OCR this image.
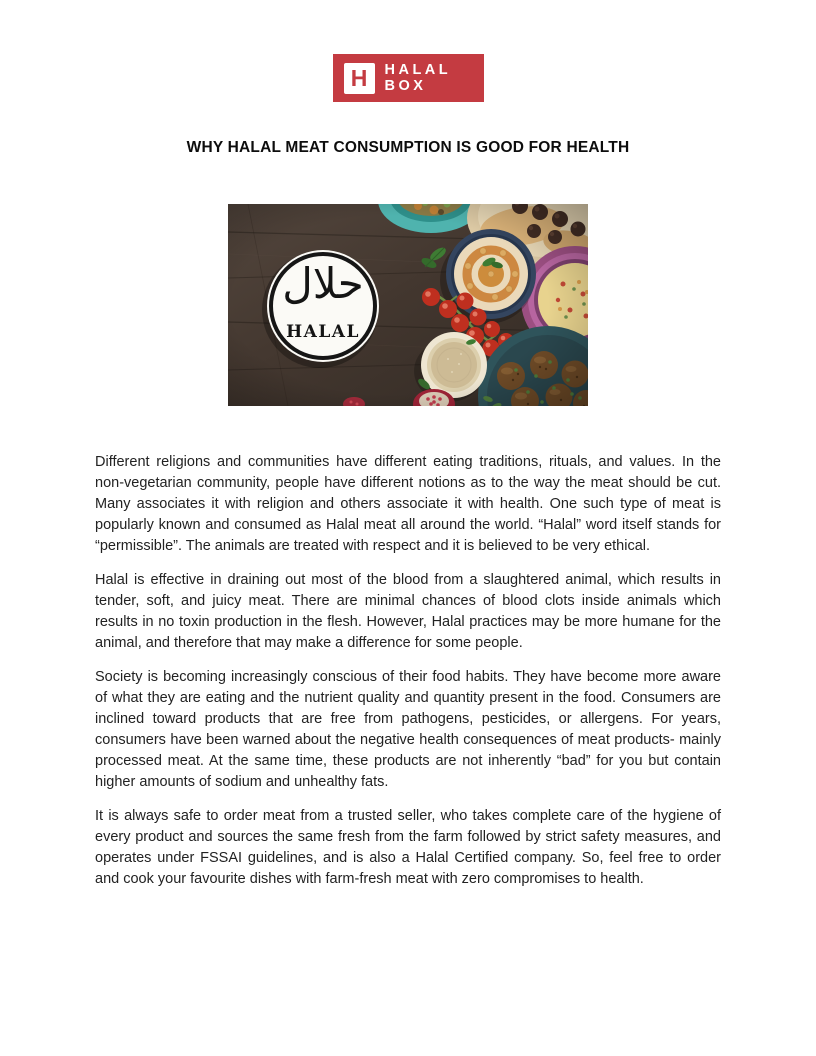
H HALAL
BOX
WHY HALAL MEAT CONSUMPTION IS GOOD FOR HEALTH
حلال
HALAL

Different religions and communities have different eating traditions, rituals, and values. In the non-vegetarian community, people have different notions as to the way the meat should be cut. Many associates it with religion and others associate it with health. One such type of meat is popularly known and consumed as Halal meat all around the world. “Halal” word itself stands for “permissible”. The animals are treated with respect and it is believed to be very ethical.

Halal is effective in draining out most of the blood from a slaughtered animal, which results in tender, soft, and juicy meat. There are minimal chances of blood clots inside animals which results in no toxin production in the flesh. However, Halal practices may be more humane for the animal, and therefore that may make a difference for some people.

Society is becoming increasingly conscious of their food habits. They have become more aware of what they are eating and the nutrient quality and quantity present in the food. Consumers are inclined toward products that are free from pathogens, pesticides, or allergens. For years, consumers have been warned about the negative health consequences of meat products- mainly processed meat. At the same time, these products are not inherently “bad” for you but contain higher amounts of sodium and unhealthy fats.

It is always safe to order meat from a trusted seller, who takes complete care of the hygiene of every product and sources the same fresh from the farm followed by strict safety measures, and operates under FSSAI guidelines, and is also a Halal Certified company. So, feel free to order and cook your favourite dishes with farm-fresh meat with zero compromises to health.
